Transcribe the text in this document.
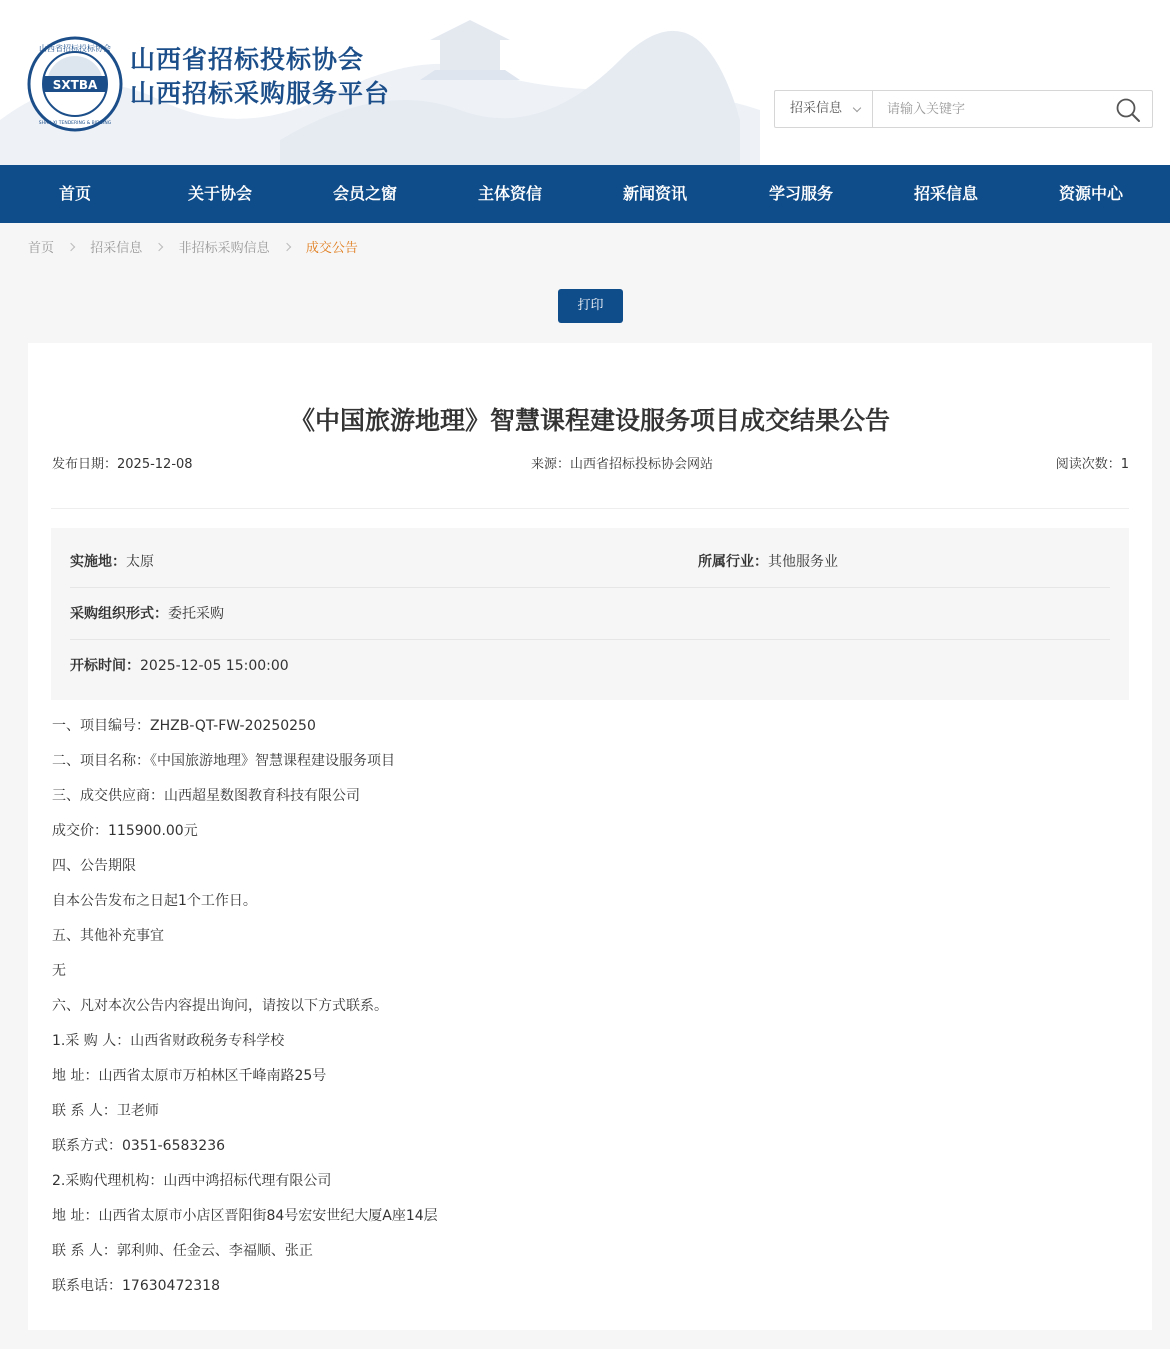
SXTBA
山西省招标投标协会
SHAN XI TENDERING & BIDDING
山西省招标投标协会
山西招标采购服务平台
招采信息
请输入关键字
首页	关于协会	会员之窗	主体资信	新闻资讯	学习服务	招采信息	资源中心
首页	招采信息	非招标采购信息	成交公告
打印
《中国旅游地理》智慧课程建设服务项目成交结果公告
发布日期：2025-12-08	来源：山西省招标投标协会网站	阅读次数：1
实施地：太原	所属行业：其他服务业
采购组织形式：委托采购
开标时间：2025-12-05 15:00:00
一、项目编号：ZHZB-QT-FW-20250250
二、项目名称：《中国旅游地理》智慧课程建设服务项目
三、成交供应商：山西超星数图教育科技有限公司
成交价：115900.00元
四、公告期限
自本公告发布之日起1个工作日。
五、其他补充事宜
无
六、凡对本次公告内容提出询问，请按以下方式联系。
1.采 购 人：山西省财政税务专科学校
地 址：山西省太原市万柏林区千峰南路25号
联 系 人：卫老师
联系方式：0351-6583236
2.采购代理机构：山西中鸿招标代理有限公司
地 址：山西省太原市小店区晋阳街84号宏安世纪大厦A座14层
联 系 人：郭利帅、任金云、李福顺、张正
联系电话：17630472318
